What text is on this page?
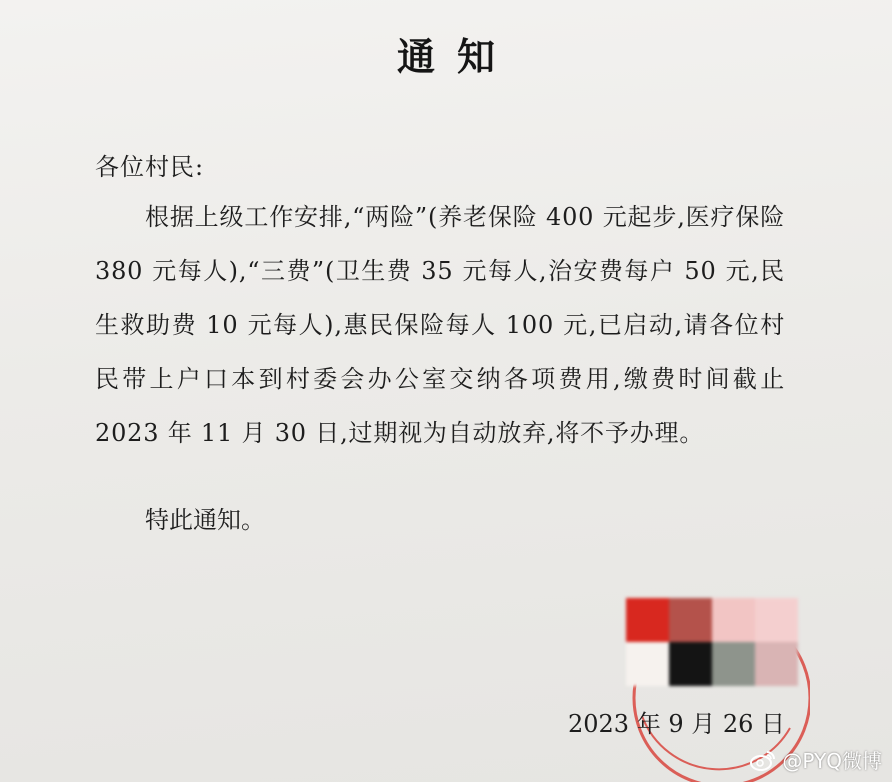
通知
各位村民:
根据上级工作安排,“两险”(养老保险 400 元起步,医疗保险 380 元每人),“三费”(卫生费 35 元每人,治安费每户 50 元,民生救助费 10 元每人),惠民保险每人 100 元,已启动,请各位村民带上户口本到村委会办公室交纳各项费用,缴费时间截止 2023 年 11 月 30 日,过期视为自动放弃,将不予办理。
特此通知。
2023 年 9 月 26 日
@PYQ微博
